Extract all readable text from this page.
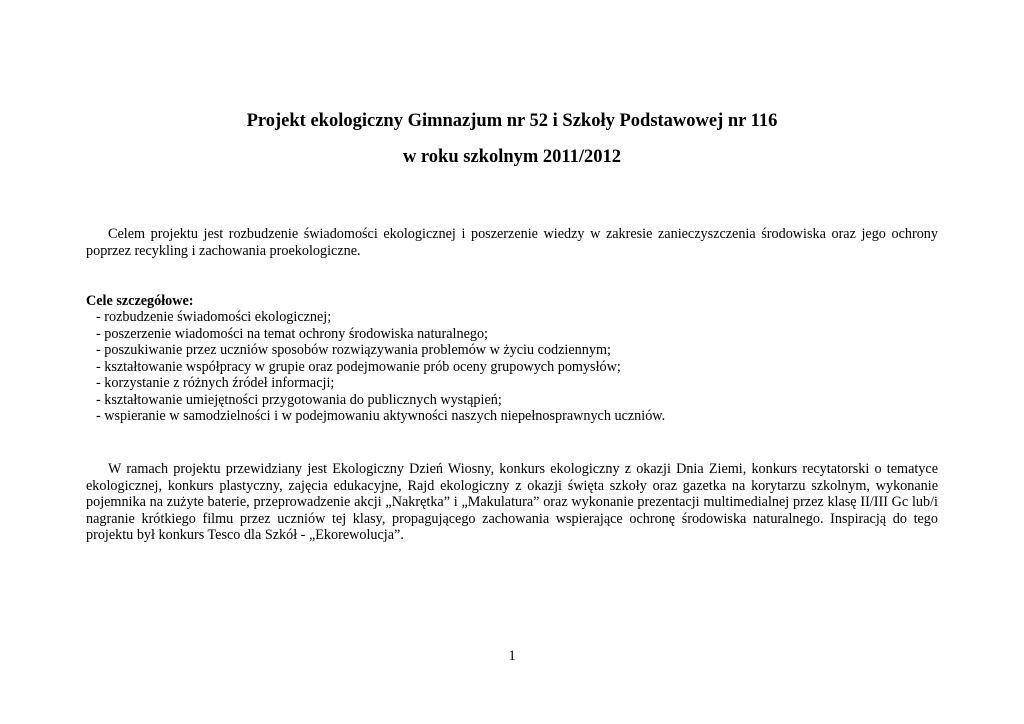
Projekt ekologiczny Gimnazjum nr 52 i Szkoły Podstawowej nr 116
w roku szkolnym 2011/2012

Celem projektu jest rozbudzenie świadomości ekologicznej i poszerzenie wiedzy w zakresie zanieczyszczenia środowiska oraz jego ochrony poprzez recykling i zachowania proekologiczne.

Cele szczegółowe:

- rozbudzenie świadomości ekologicznej;
- poszerzenie wiadomości na temat ochrony środowiska naturalnego;
- poszukiwanie przez uczniów sposobów rozwiązywania problemów w życiu codziennym;
- kształtowanie współpracy w grupie oraz podejmowanie prób oceny grupowych pomysłów;
- korzystanie z różnych źródeł informacji;
- kształtowanie umiejętności przygotowania do publicznych wystąpień;
- wspieranie w samodzielności i w podejmowaniu aktywności naszych niepełnosprawnych uczniów.

W ramach projektu przewidziany jest Ekologiczny Dzień Wiosny, konkurs ekologiczny z okazji Dnia Ziemi, konkurs recytatorski o tematyce ekologicznej, konkurs plastyczny, zajęcia edukacyjne, Rajd ekologiczny z okazji święta szkoły oraz gazetka na korytarzu szkolnym, wykonanie pojemnika na zużyte baterie, przeprowadzenie akcji „Nakrętka” i „Makulatura” oraz wykonanie prezentacji multimedialnej przez klasę II/III Gc lub/i nagranie krótkiego filmu przez uczniów tej klasy, propagującego zachowania wspierające ochronę środowiska naturalnego. Inspiracją do tego projektu był konkurs Tesco dla Szkół - „Ekorewolucja”.

1
